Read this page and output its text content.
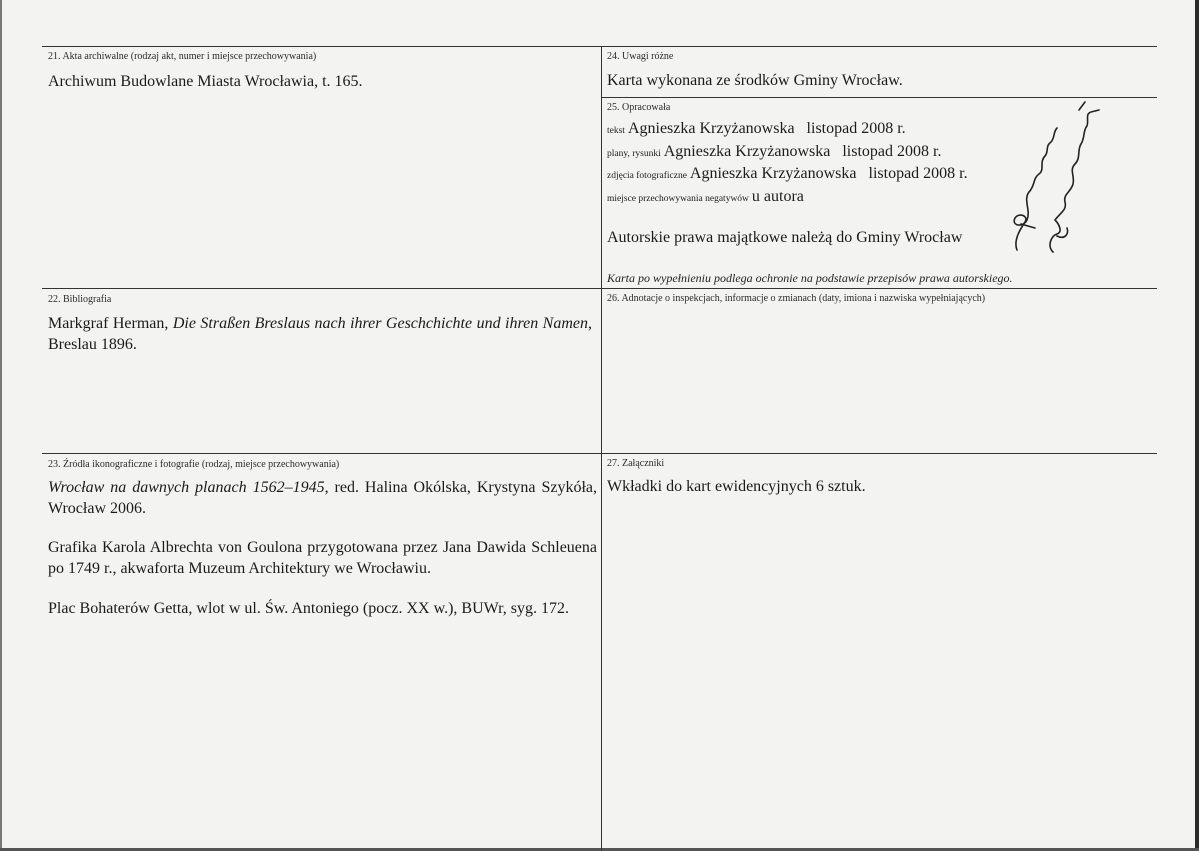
21. Akta archiwalne (rodzaj akt, numer i miejsce przechowywania)
Archiwum Budowlane Miasta Wrocławia, t. 165.
22. Bibliografia
Markgraf Herman, Die Straßen Breslaus nach ihrer Geschchichte und ihren Namen, Breslau 1896.
23. Źródła ikonograficzne i fotografie (rodzaj, miejsce przechowywania)
Wrocław na dawnych planach 1562–1945, red. Halina Okólska, Krystyna Szykóła, Wrocław 2006.
Grafika Karola Albrechta von Goulona przygotowana przez Jana Dawida Schleuena po 1749 r., akwaforta Muzeum Architektury we Wrocławiu.
Plac Bohaterów Getta, wlot w ul. Św. Antoniego (pocz. XX w.), BUWr, syg. 172.
24. Uwagi różne
Karta wykonana ze środków Gminy Wrocław.
25. Opracowała
tekst Agnieszka Krzyżanowska   listopad 2008 r.
plany, rysunki Agnieszka Krzyżanowska   listopad 2008 r.
zdjęcia fotograficzne Agnieszka Krzyżanowska   listopad 2008 r.
miejsce przechowywania negatywów u autora
Autorskie prawa majątkowe należą do Gminy Wrocław
Karta po wypełnieniu podlega ochronie na podstawie przepisów prawa autorskiego.
26. Adnotacje o inspekcjach, informacje o zmianach (daty, imiona i nazwiska wypełniających)
27. Załączniki
Wkładki do kart ewidencyjnych 6 sztuk.
